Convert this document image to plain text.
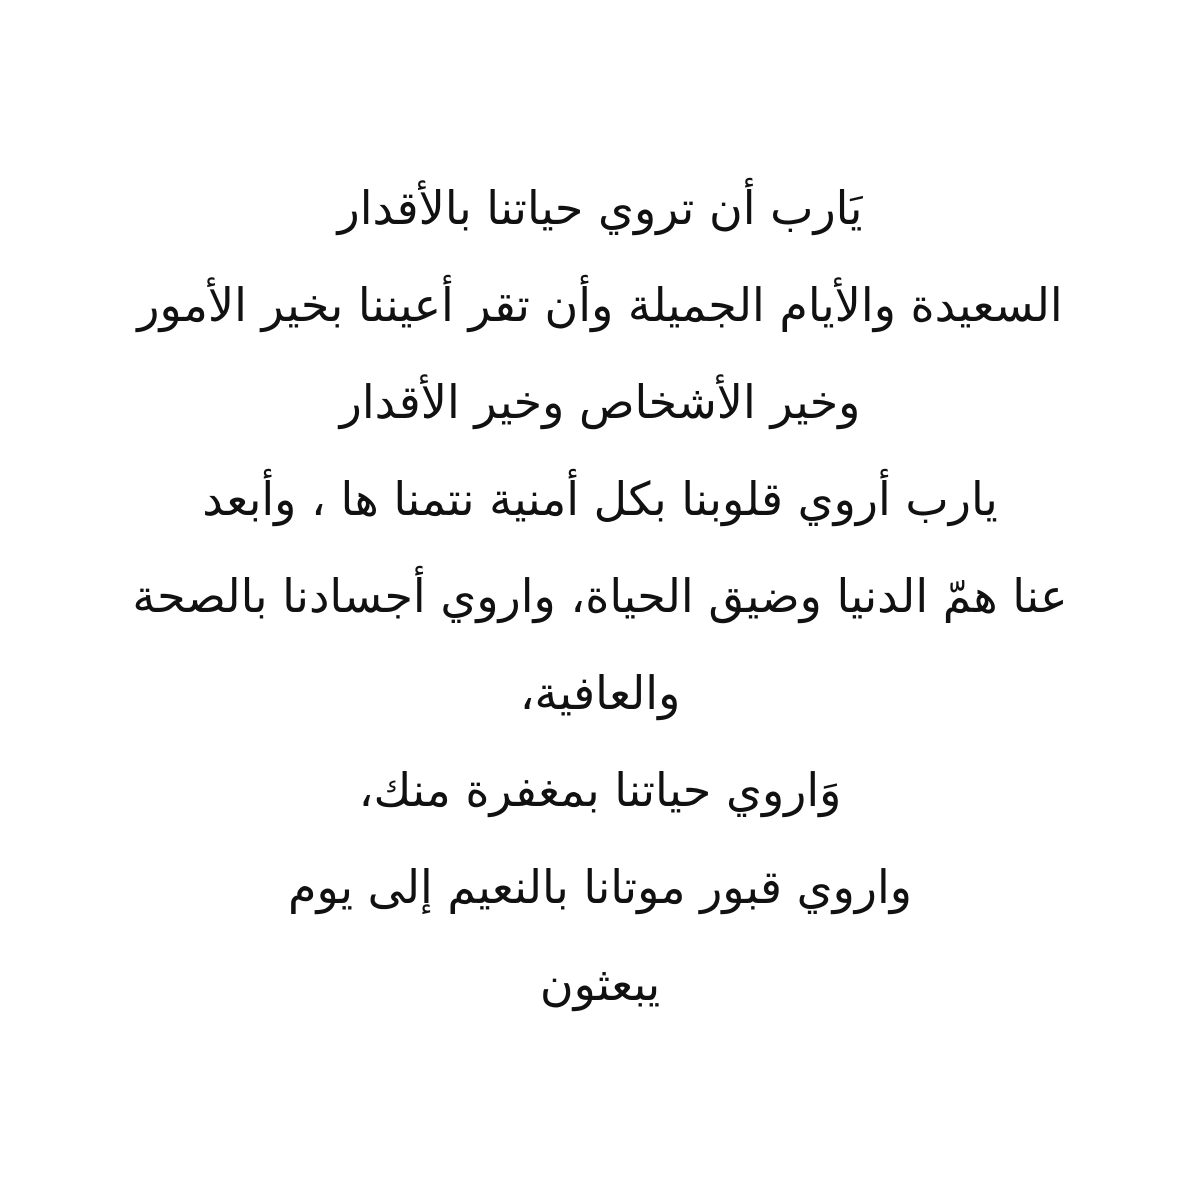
يَارب أن تروي حياتنا بالأقدار
السعيدة والأيام الجميلة وأن تقر أعيننا بخير الأمور
وخير الأشخاص وخير الأقدار
يارب أروي قلوبنا بكل أمنية نتمنا ها ، وأبعد
عنا همّ الدنيا وضيق الحياة، واروي أجسادنا بالصحة
والعافية،
وَاروي حياتنا بمغفرة منك،
واروي قبور موتانا بالنعيم إلى يوم
يبعثون
